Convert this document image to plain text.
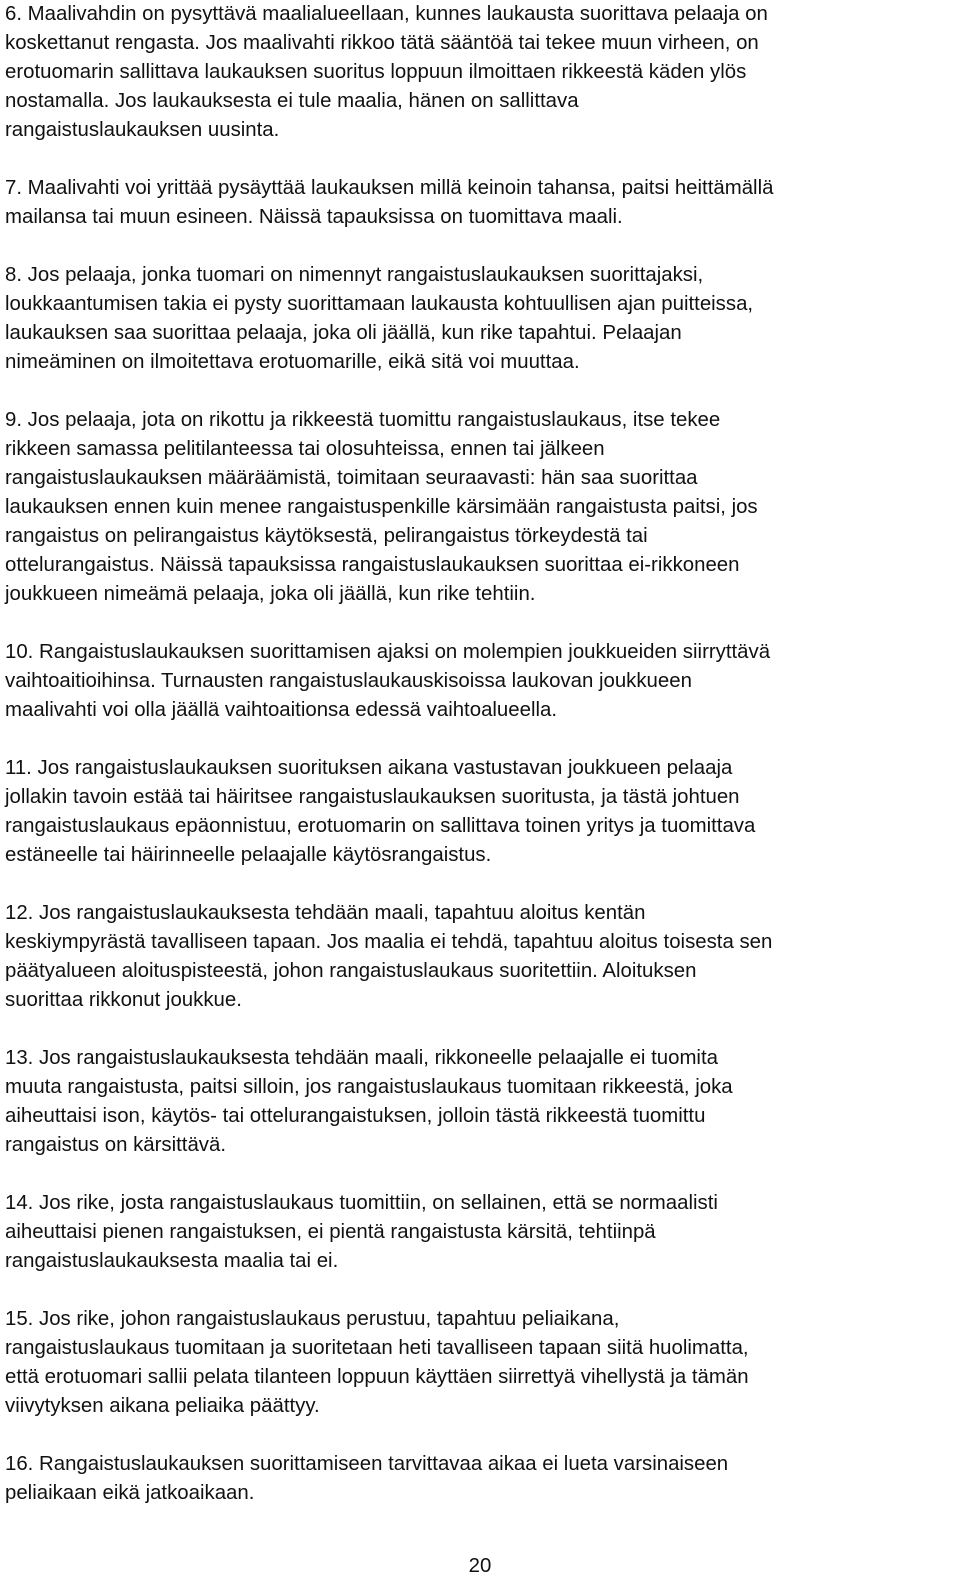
6. Maalivahdin on pysyttävä maalialueellaan, kunnes laukausta suorittava pelaaja on
koskettanut rengasta. Jos maalivahti rikkoo tätä sääntöä tai tekee muun virheen, on
erotuomarin sallittava laukauksen suoritus loppuun ilmoittaen rikkeestä käden ylös
nostamalla. Jos laukauksesta ei tule maalia, hänen on sallittava
rangaistuslaukauksen uusinta.

7. Maalivahti voi yrittää pysäyttää laukauksen millä keinoin tahansa, paitsi heittämällä
mailansa tai muun esineen. Näissä tapauksissa on tuomittava maali.

8. Jos pelaaja, jonka tuomari on nimennyt rangaistuslaukauksen suorittajaksi,
loukkaantumisen takia ei pysty suorittamaan laukausta kohtuullisen ajan puitteissa,
laukauksen saa suorittaa pelaaja, joka oli jäällä, kun rike tapahtui. Pelaajan
nimeäminen on ilmoitettava erotuomarille, eikä sitä voi muuttaa.

9. Jos pelaaja, jota on rikottu ja rikkeestä tuomittu rangaistuslaukaus, itse tekee
rikkeen samassa pelitilanteessa tai olosuhteissa, ennen tai jälkeen
rangaistuslaukauksen määräämistä, toimitaan seuraavasti: hän saa suorittaa
laukauksen ennen kuin menee rangaistuspenkille kärsimään rangaistusta paitsi, jos
rangaistus on pelirangaistus käytöksestä, pelirangaistus törkeydestä tai
ottelurangaistus. Näissä tapauksissa rangaistuslaukauksen suorittaa ei-rikkoneen
joukkueen nimeämä pelaaja, joka oli jäällä, kun rike tehtiin.

10. Rangaistuslaukauksen suorittamisen ajaksi on molempien joukkueiden siirryttävä
vaihtoaitioihinsa. Turnausten rangaistuslaukauskisoissa laukovan joukkueen
maalivahti voi olla jäällä vaihtoaitionsa edessä vaihtoalueella.

11. Jos rangaistuslaukauksen suorituksen aikana vastustavan joukkueen pelaaja
jollakin tavoin estää tai häiritsee rangaistuslaukauksen suoritusta, ja tästä johtuen
rangaistuslaukaus epäonnistuu, erotuomarin on sallittava toinen yritys ja tuomittava
estäneelle tai häirinneelle pelaajalle käytösrangaistus.

12. Jos rangaistuslaukauksesta tehdään maali, tapahtuu aloitus kentän
keskiympyrästä tavalliseen tapaan. Jos maalia ei tehdä, tapahtuu aloitus toisesta sen
päätyalueen aloituspisteestä, johon rangaistuslaukaus suoritettiin. Aloituksen
suorittaa rikkonut joukkue.

13. Jos rangaistuslaukauksesta tehdään maali, rikkoneelle pelaajalle ei tuomita
muuta rangaistusta, paitsi silloin, jos rangaistuslaukaus tuomitaan rikkeestä, joka
aiheuttaisi ison, käytös- tai ottelurangaistuksen, jolloin tästä rikkeestä tuomittu
rangaistus on kärsittävä.

14. Jos rike, josta rangaistuslaukaus tuomittiin, on sellainen, että se normaalisti
aiheuttaisi pienen rangaistuksen, ei pientä rangaistusta kärsitä, tehtiinpä
rangaistuslaukauksesta maalia tai ei.

15. Jos rike, johon rangaistuslaukaus perustuu, tapahtuu peliaikana,
rangaistuslaukaus tuomitaan ja suoritetaan heti tavalliseen tapaan siitä huolimatta,
että erotuomari sallii pelata tilanteen loppuun käyttäen siirrettyä vihellystä ja tämän
viivytyksen aikana peliaika päättyy.

16. Rangaistuslaukauksen suorittamiseen tarvittavaa aikaa ei lueta varsinaiseen
peliaikaan eikä jatkoaikaan.

20
